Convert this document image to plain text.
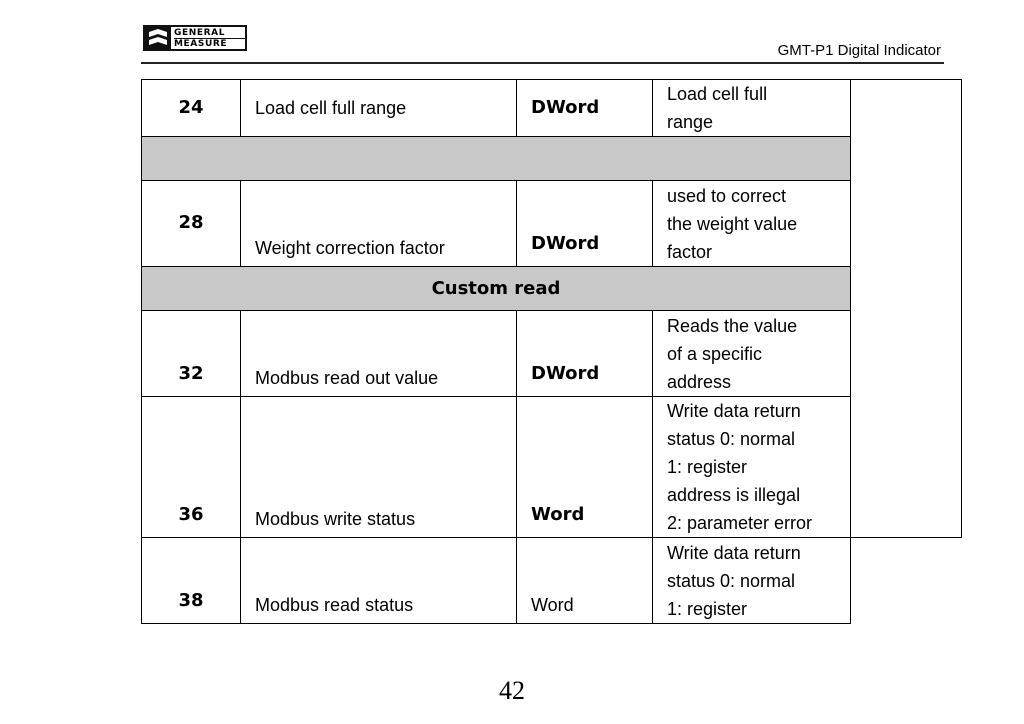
GENERAL
MEASURE	GMT-P1 Digital Indicator
24	Load cell full range	DWord	Load cell full
range	

28	Weight correction factor	DWord	used to correct
the weight value
factor	

Custom read				
32	Modbus read out value	DWord	Reads the value
of a specific
address	

36	Modbus write status	Word	Write data return
status 0: normal
1: register
address is illegal
2: parameter error	

38	Modbus read status	Word	Write data return
status 0: normal
1: register	
42
